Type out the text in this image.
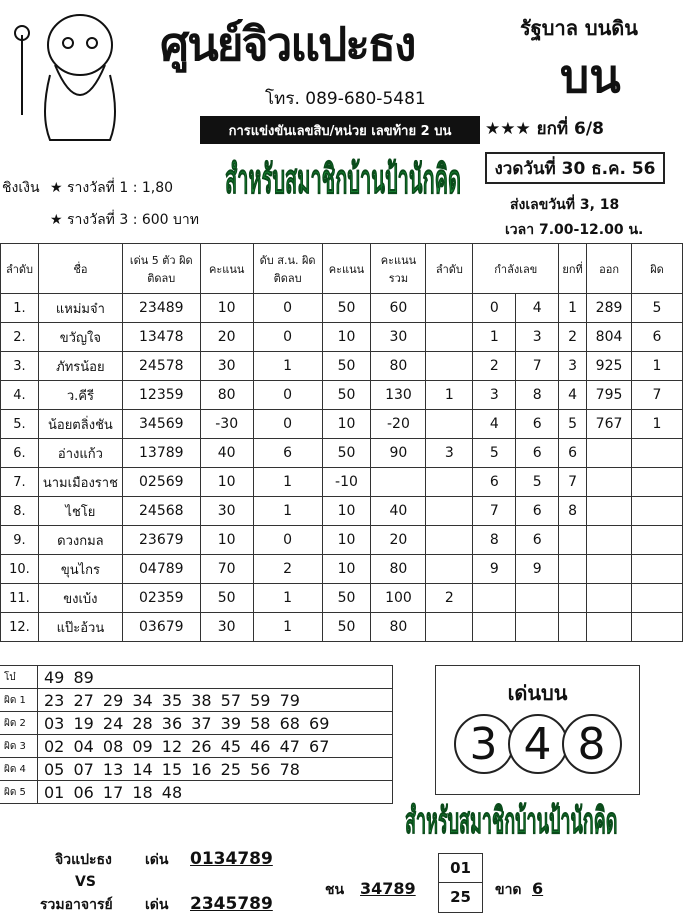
ศูนย์จิวแปะธง	รัฐบาล บนดิน
บน
โทร. 089-680-5481
การแข่งขันเลขสิบ/หน่วย เลขท้าย 2 บน	★★★ ยกที่ 6/8
งวดวันที่ 30 ธ.ค. 56
ส่งเลขวันที่ 3, 18
เวลา 7.00-12.00 น.
ชิงเงิน ★ รางวัลที่ 1 : 1,80
★ รางวัลที่ 3 : 600 บาท
สำหรับสมาชิกบ้านป้านักคิด
ลำดับ	ชื่อ	เด่น 5 ตัว ผิดติดลบ	คะแนน	ดับ ส.น. ผิดติดลบ	คะแนน	คะแนน รวม	ลำดับ	กำลังเลข		ยกที่	ออก	ผิด
1.	แหม่มจ๋า	23489	10	0	50	60		0	4	1	289	5
2.	ขวัญใจ	13478	20	0	10	30		1	3	2	804	6
3.	ภัทรน้อย	24578	30	1	50	80		2	7	3	925	1
4.	ว.คีรี	12359	80	0	50	130	1	3	8	4	795	7
5.	น้อยตลิ่งชัน	34569	-30	0	10	-20		4	6	5	767	1
6.	อ่างแก้ว	13789	40	6	50	90	3	5	6	6		
7.	นามเมืองราช	02569	10	1	-10			6	5	7		
8.	ไชโย	24568	30	1	10	40		7	6	8		
9.	ดวงกมล	23679	10	0	10	20		8	6			
10.	ขุนไกร	04789	70	2	10	80		9	9			
11.	ขงเบ้ง	02359	50	1	50	100	2					
12.	แป๊ะอ้วน	03679	30	1	50	80						
โบ๋	49 89
ผิด 1	23 27 29 34 35 38 57 59 79
ผิด 2	03 19 24 28 36 37 39 58 68 69
ผิด 3	02 04 08 09 12 26 45 46 47 67
ผิด 4	05 07 13 14 15 16 25 56 78
ผิด 5	01 06 17 18 48
เด่นบน
3 4 8
สำหรับสมาชิกบ้านป้านักคิด
จิวแปะธง เด่น 0134789
VS
รวมอาจารย์ เด่น 2345789
ชน 34789
01
25	ขาด 6
